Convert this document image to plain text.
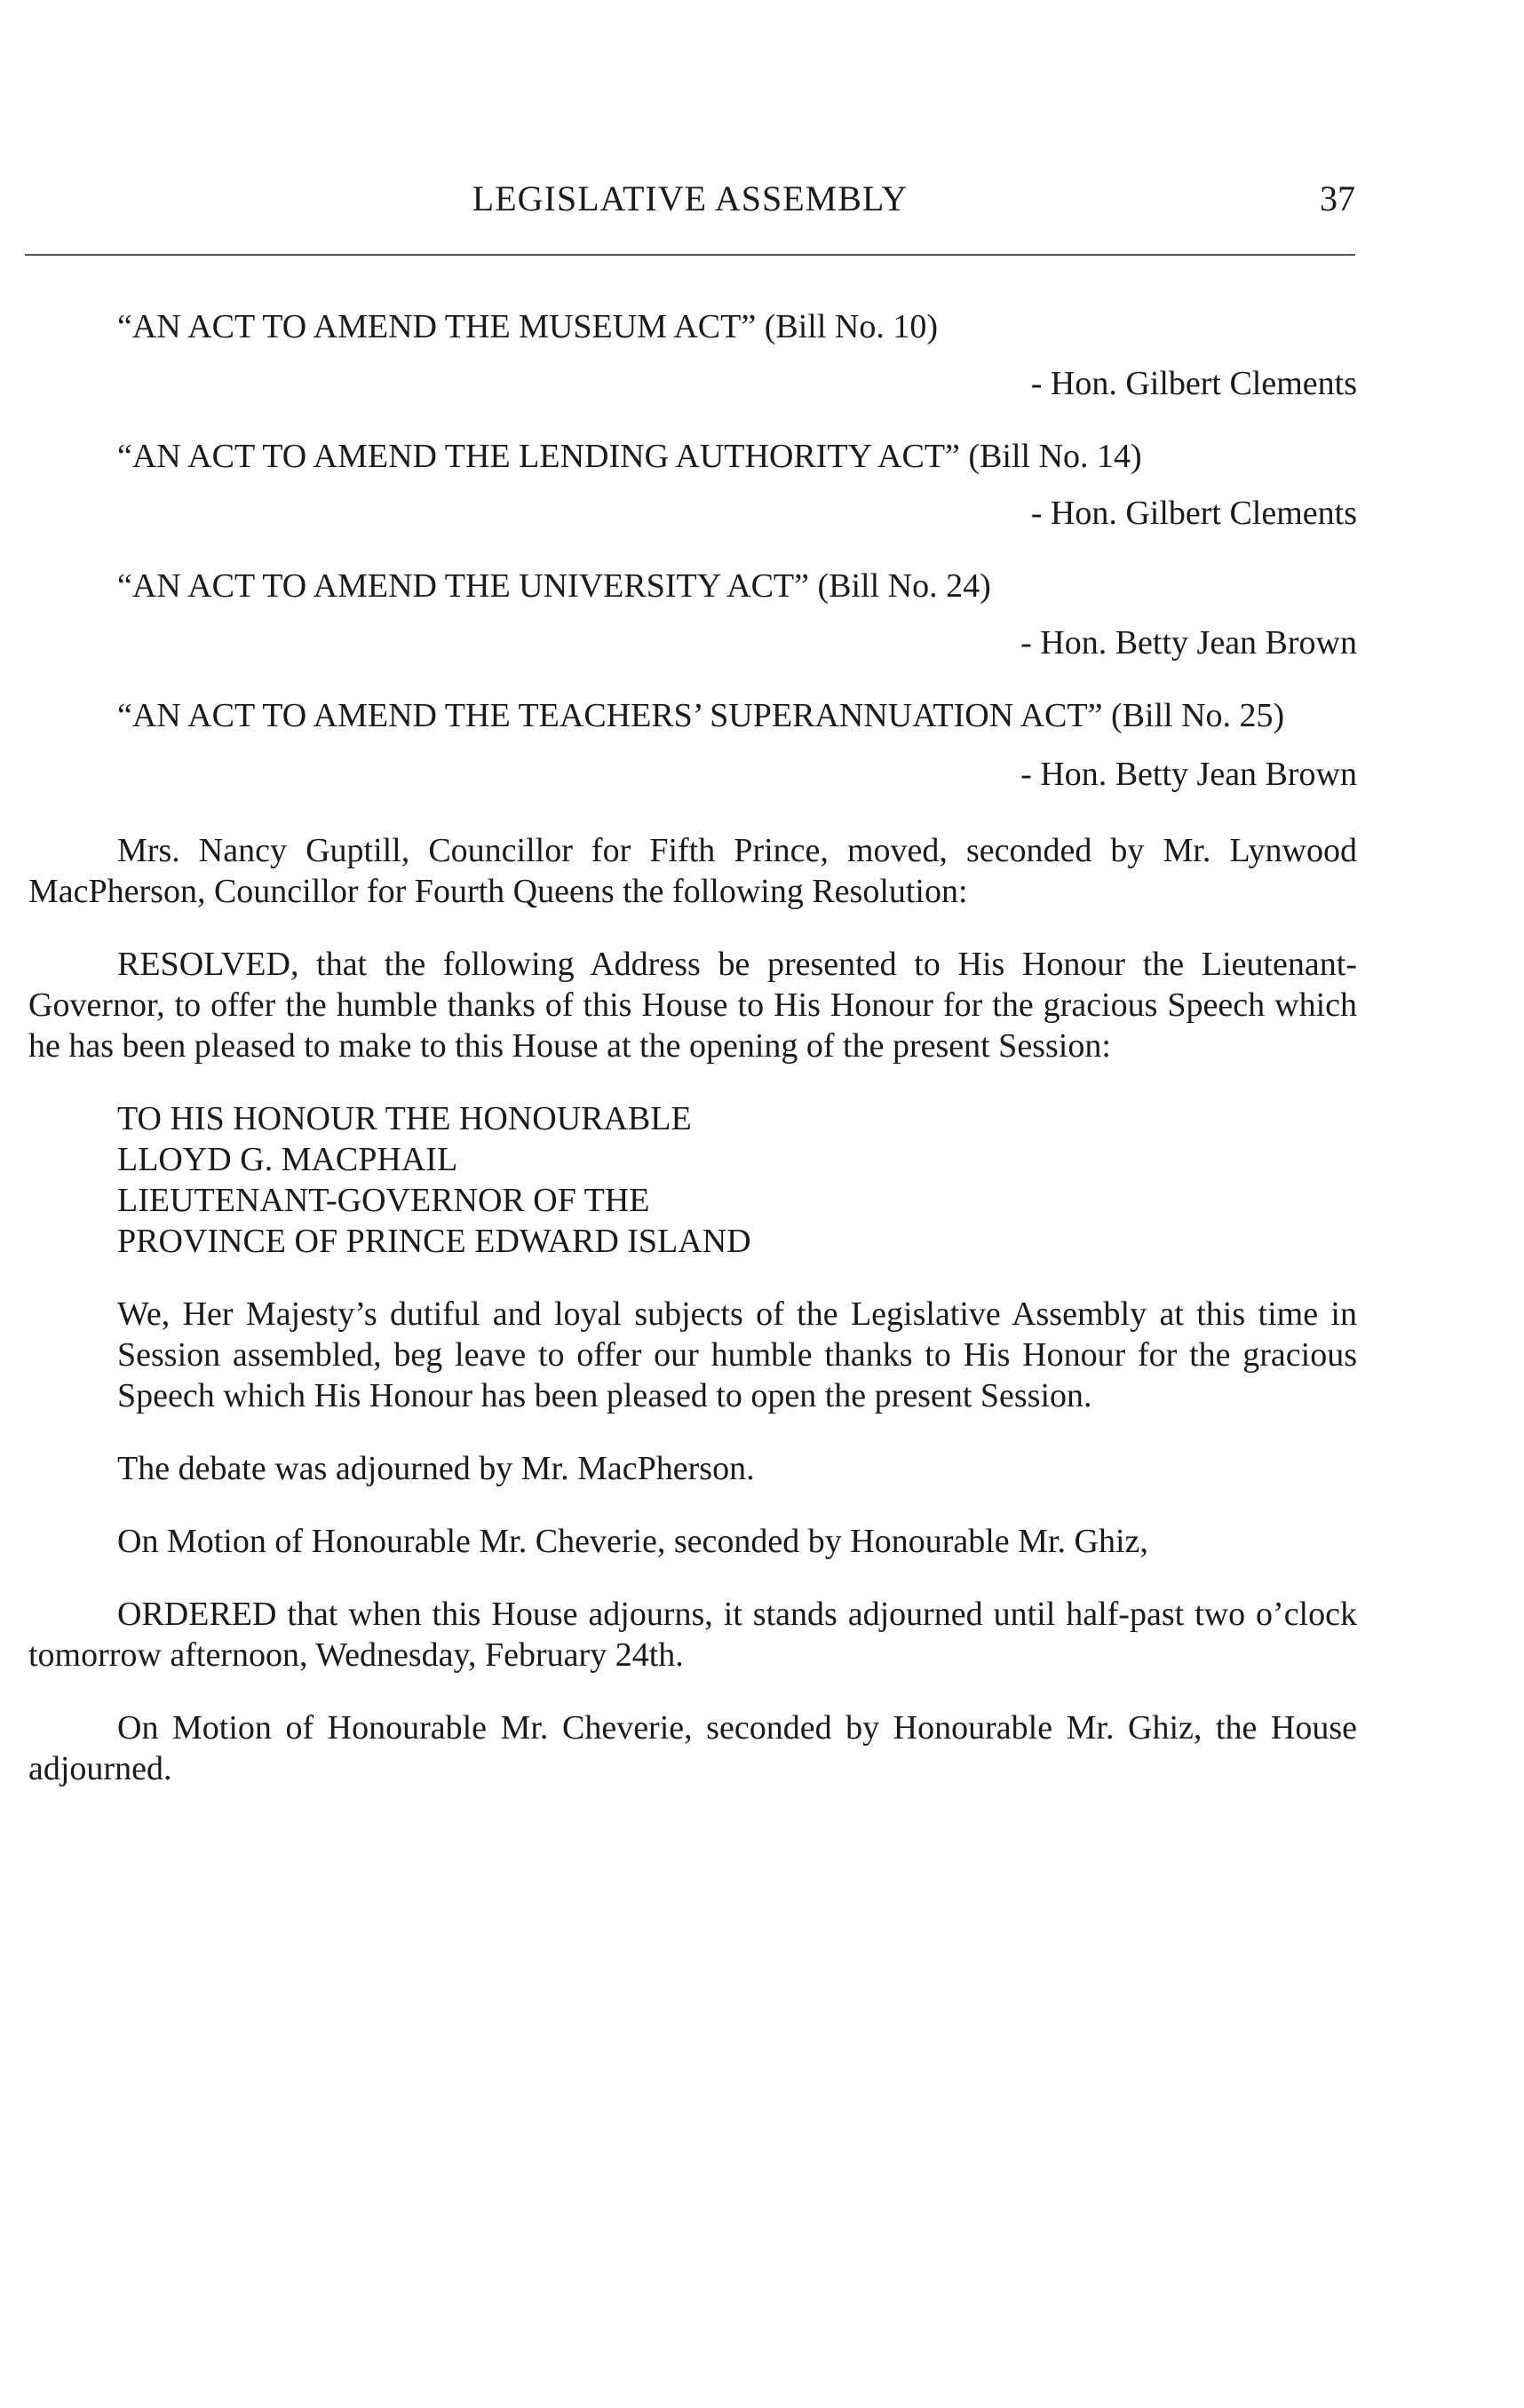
LEGISLATIVE ASSEMBLY	37

“AN ACT TO AMEND THE MUSEUM ACT” (Bill No. 10)

- Hon. Gilbert Clements

“AN ACT TO AMEND THE LENDING AUTHORITY ACT” (Bill No. 14)

- Hon. Gilbert Clements

“AN ACT TO AMEND THE UNIVERSITY ACT” (Bill No. 24)

- Hon. Betty Jean Brown

“AN ACT TO AMEND THE TEACHERS’ SUPERANNUATION ACT” (Bill No. 25)

- Hon. Betty Jean Brown

Mrs. Nancy Guptill, Councillor for Fifth Prince, moved, seconded by Mr. Lynwood MacPherson, Councillor for Fourth Queens the following Resolution:

RESOLVED, that the following Address be presented to His Honour the Lieutenant-Governor, to offer the humble thanks of this House to His Honour for the gracious Speech which he has been pleased to make to this House at the opening of the present Session:

TO HIS HONOUR THE HONOURABLE
LLOYD G. MACPHAIL
LIEUTENANT-GOVERNOR OF THE
PROVINCE OF PRINCE EDWARD ISLAND

We, Her Majesty’s dutiful and loyal subjects of the Legislative Assembly at this time in Session assembled, beg leave to offer our humble thanks to His Honour for the gracious Speech which His Honour has been pleased to open the present Session.

The debate was adjourned by Mr. MacPherson.

On Motion of Honourable Mr. Cheverie, seconded by Honourable Mr. Ghiz,

ORDERED that when this House adjourns, it stands adjourned until half-past two o’clock tomorrow afternoon, Wednesday, February 24th.

On Motion of Honourable Mr. Cheverie, seconded by Honourable Mr. Ghiz, the House adjourned.
